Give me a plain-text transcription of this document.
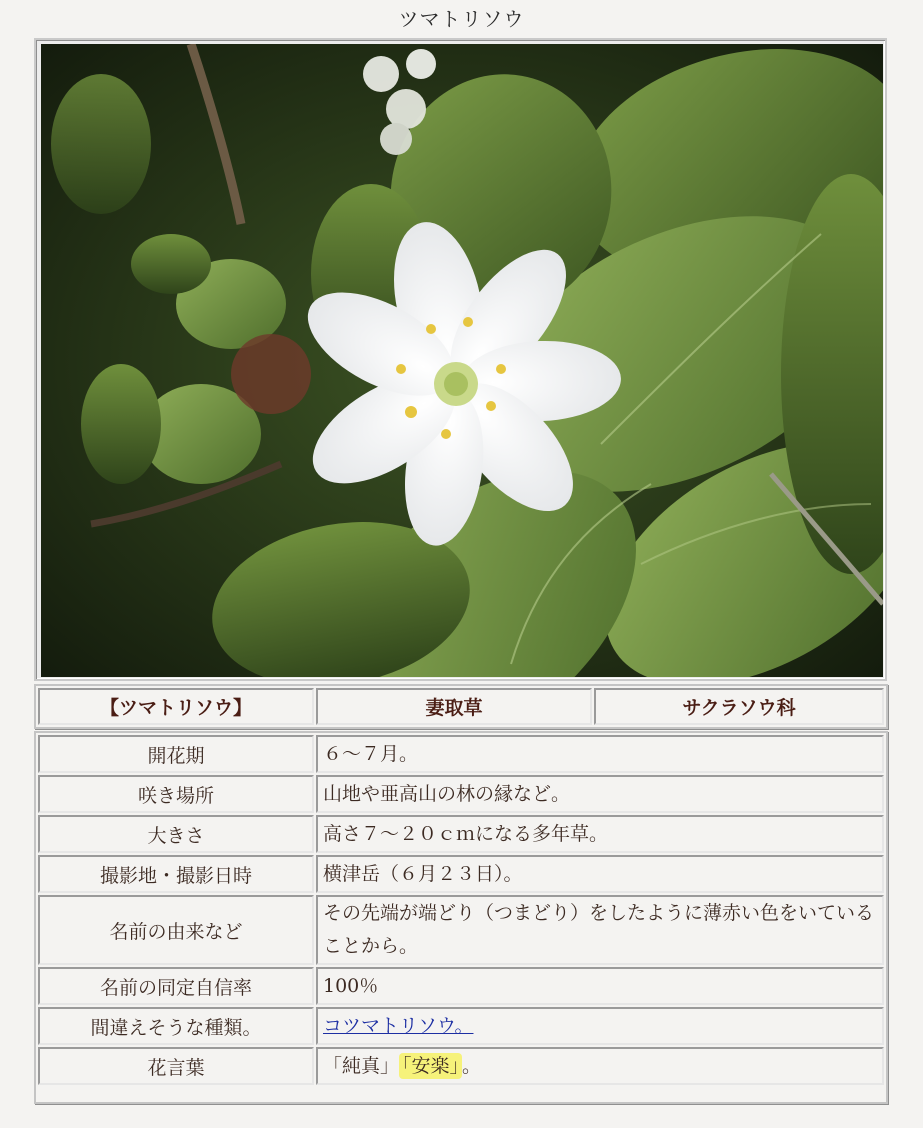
ツマトリソウ
【ツマトリソウ】	妻取草	サクラソウ科
開花期	６～７月。
咲き場所	山地や亜高山の林の縁など。
大きさ	高さ７～２０ｃｍになる多年草。
撮影地・撮影日時	横津岳（６月２３日）。
名前の由来など	その先端が端どり（つまどり）をしたように薄赤い色をいていることから。
名前の同定自信率	100％
間違えそうな種類。	コツマトリソウ。
花言葉	「純真」 「安楽」 。
